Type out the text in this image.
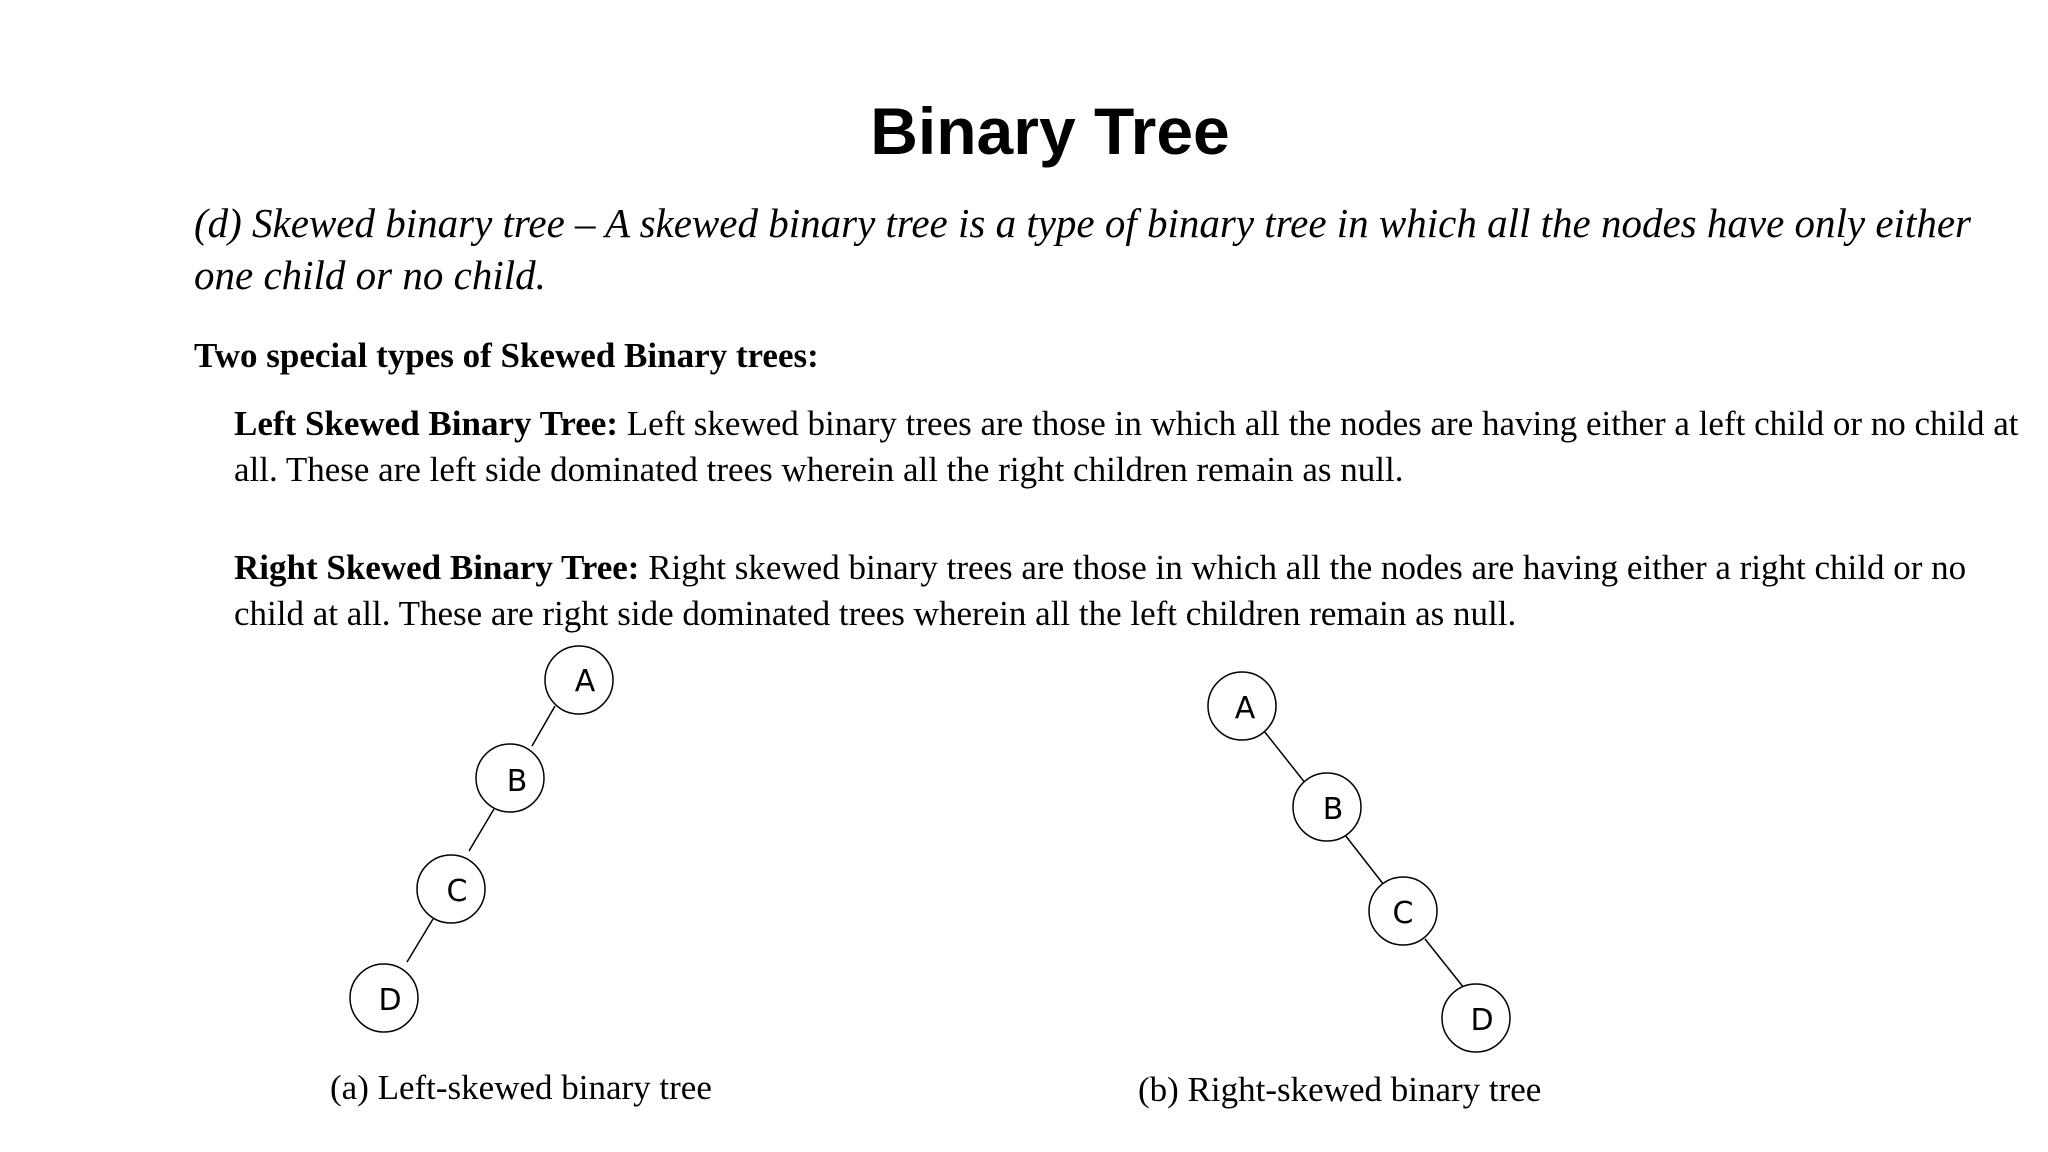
Binary Tree

(d) Skewed binary tree – A skewed binary tree is a type of binary tree in which all the nodes have only either one child or no child.

Two special types of Skewed Binary trees:

Left Skewed Binary Tree: Left skewed binary trees are those in which all the nodes are having either a left child or no child at all. These are left side dominated trees wherein all the right children remain as null.

Right Skewed Binary Tree: Right skewed binary trees are those in which all the nodes are having either a right child or no child at all. These are right side dominated trees wherein all the left children remain as null.

A
B
C
D
A
B
C
D
(a) Left-skewed binary tree	(b) Right-skewed binary tree
